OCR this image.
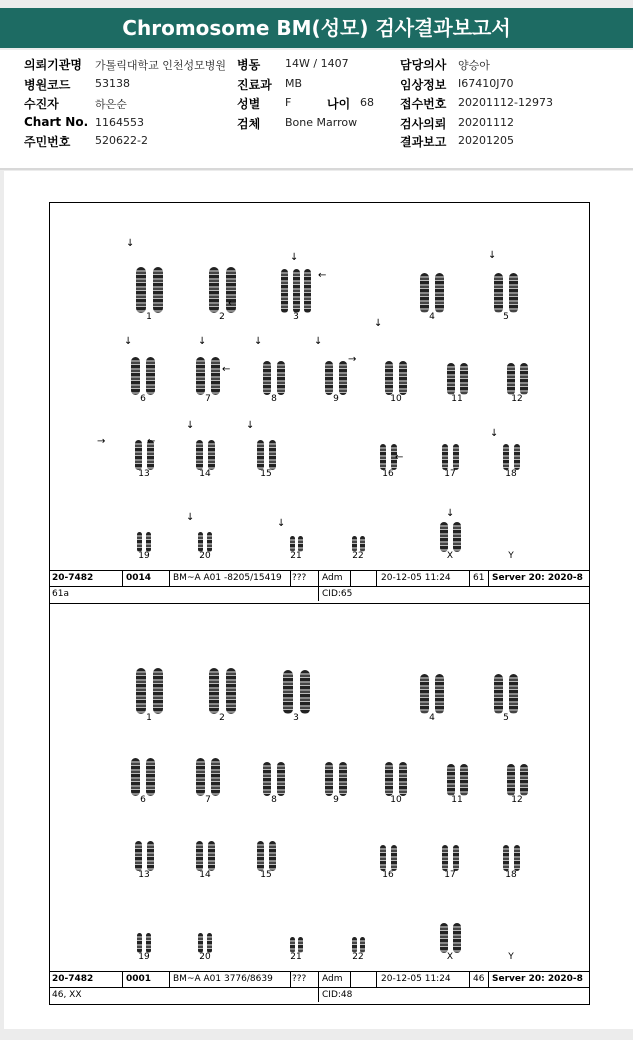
Chromosome BM(성모) 검사결과보고서
의뢰기관명 가톨릭대학교 인천성모병원 병동 14W / 1407	담당의사 양승아
병원코드 53138	진료과 MB	임상정보 I67410J70
수진자	하은순	성별 F	나이 68 접수번호 20201112-12973
Chart No. 1164553	검체 Bone Marrow	검사의뢰 20201112
주민번호 520622-2	결과보고 20201205
1	2	3	4	5
6	7	8	9	10	11	12
13	14	15	16	17	18
19	20	21	22	X	Y
↓
←
↓
←
↓
↓	↓
←
↓	↓
↓
→
→	←
↓	↓
←
↓
↓
↓
↓
20-7482	0014 BM~A A01 -8205/15419 ??? Adm	20-12-05 11:24 61 Server 20: 2020-8
61a	CID:65
1	2	3	4	5
6	7	8	9	10	11	12
13	14	15	16	17	18
19	20	21	22	X	Y
20-7482	0001 BM~A A01 3776/8639 ??? Adm	20-12-05 11:24 46 Server 20: 2020-8
46, XX	CID:48
